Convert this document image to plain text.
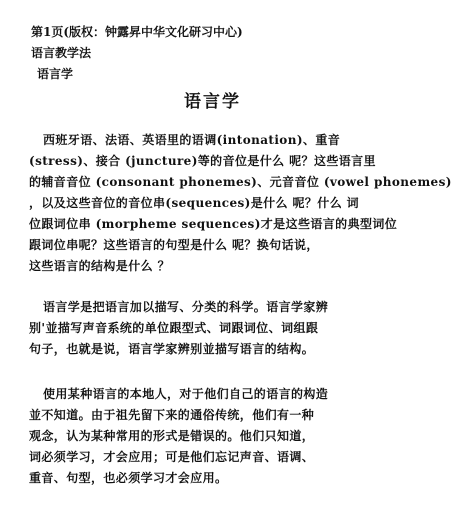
第1页(版权：钟露昇中华文化研习中心)
语言教学法
语言学
语言学
西班牙语、法语、英语里的语调(intonation)、重音
(stress)、接合 (juncture)等的音位是什么 呢？这些语言里
的辅音音位 (consonant phonemes)、元音音位 (vowel phonemes)
，以及这些音位的音位串(sequences)是什么 呢？什么 词
位跟词位串 (morpheme sequences)才是这些语言的典型词位
跟词位串呢？这些语言的句型是什么 呢？换句话说，
这些语言的结构是什么 ？
语言学是把语言加以描写、分类的科学。语言学家辨
别'並描写声音系统的单位跟型式、词跟词位、词组跟
句子，也就是说，语言学家辨别並描写语言的结构。
使用某种语言的本地人，对于他们自己的语言的构造
並不知道。由于祖先留下来的通俗传统，他们有一种
观念，认为某种常用的形式是错误的。他们只知道，
词必须学习，才会应用；可是他们忘记声音、语调、
重音、句型，也必须学习才会应用。
